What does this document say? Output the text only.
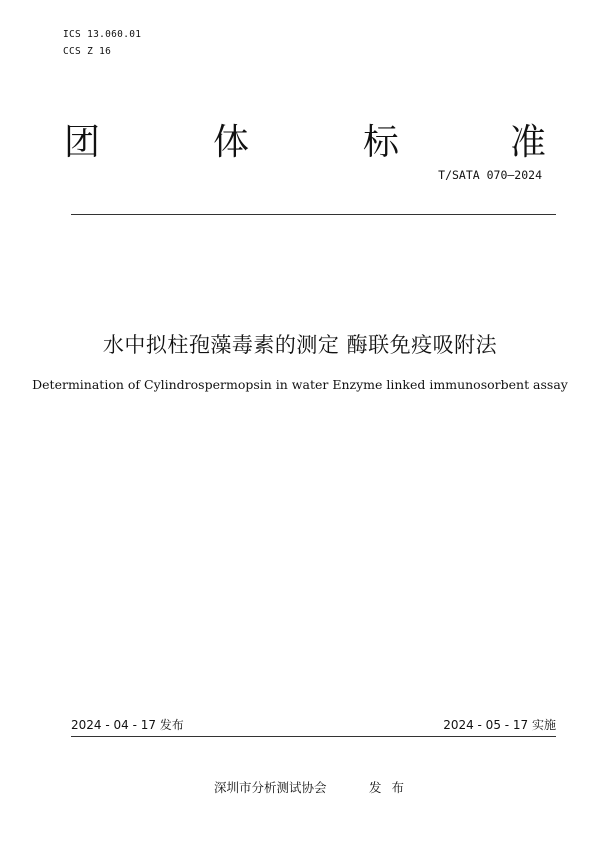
ICS 13.060.01
CCS Z 16
团	体	标	准
T/SATA 070—2024
水中拟柱孢藻毒素的测定 酶联免疫吸附法
Determination of Cylindrospermopsin in water Enzyme linked immunosorbent assay
2024 - 04 - 17 发布	2024 - 05 - 17 实施
深圳市分析测试协会	发布
